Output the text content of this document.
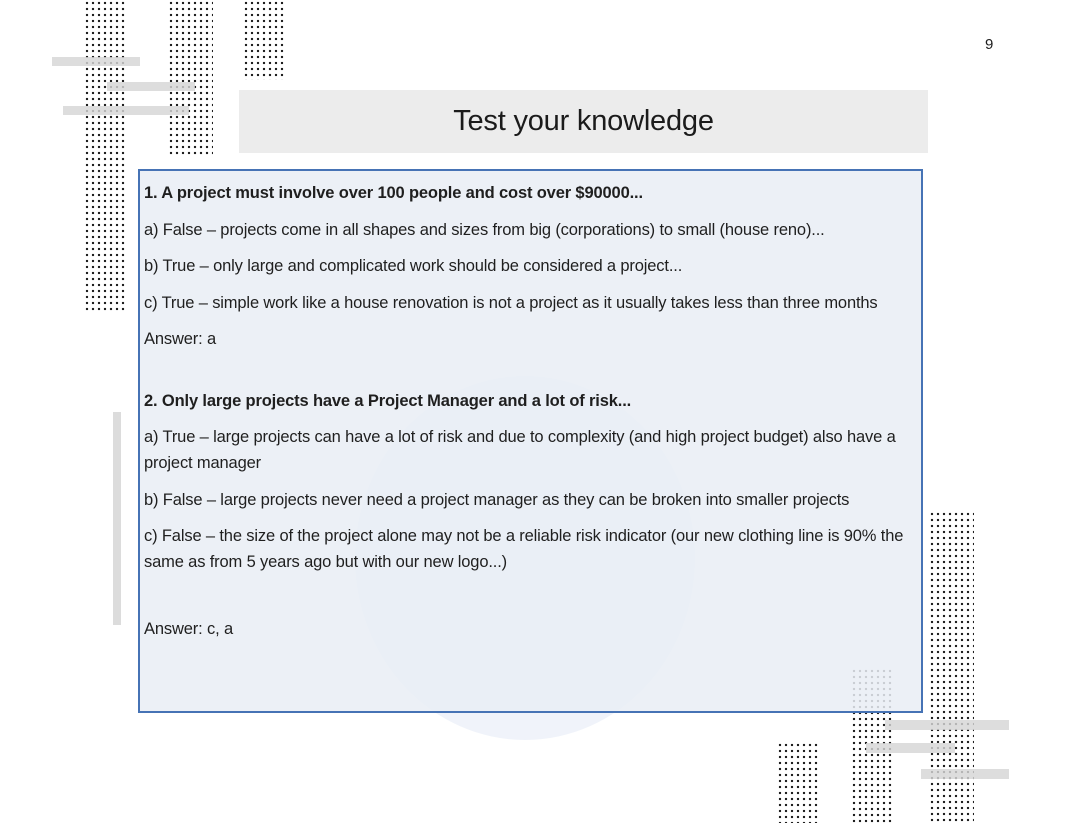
9
Test your knowledge

1. A project must involve over 100 people and cost over $90000...

a) False – projects come in all shapes and sizes from big (corporations) to small (house reno)...

b) True – only large and complicated work should be considered a project...

c) True – simple work like a house renovation is not a project as it usually takes less than three months

Answer: a

2. Only large projects have a Project Manager and a lot of risk...

a) True – large projects can have a lot of risk and due to complexity (and high project budget) also have a project manager

b) False – large projects never need a project manager as they can be broken into smaller projects

c) False – the size of the project alone may not be a reliable risk indicator (our new clothing line is 90% the same as from 5 years ago but with our new logo...)

Answer: c, a
